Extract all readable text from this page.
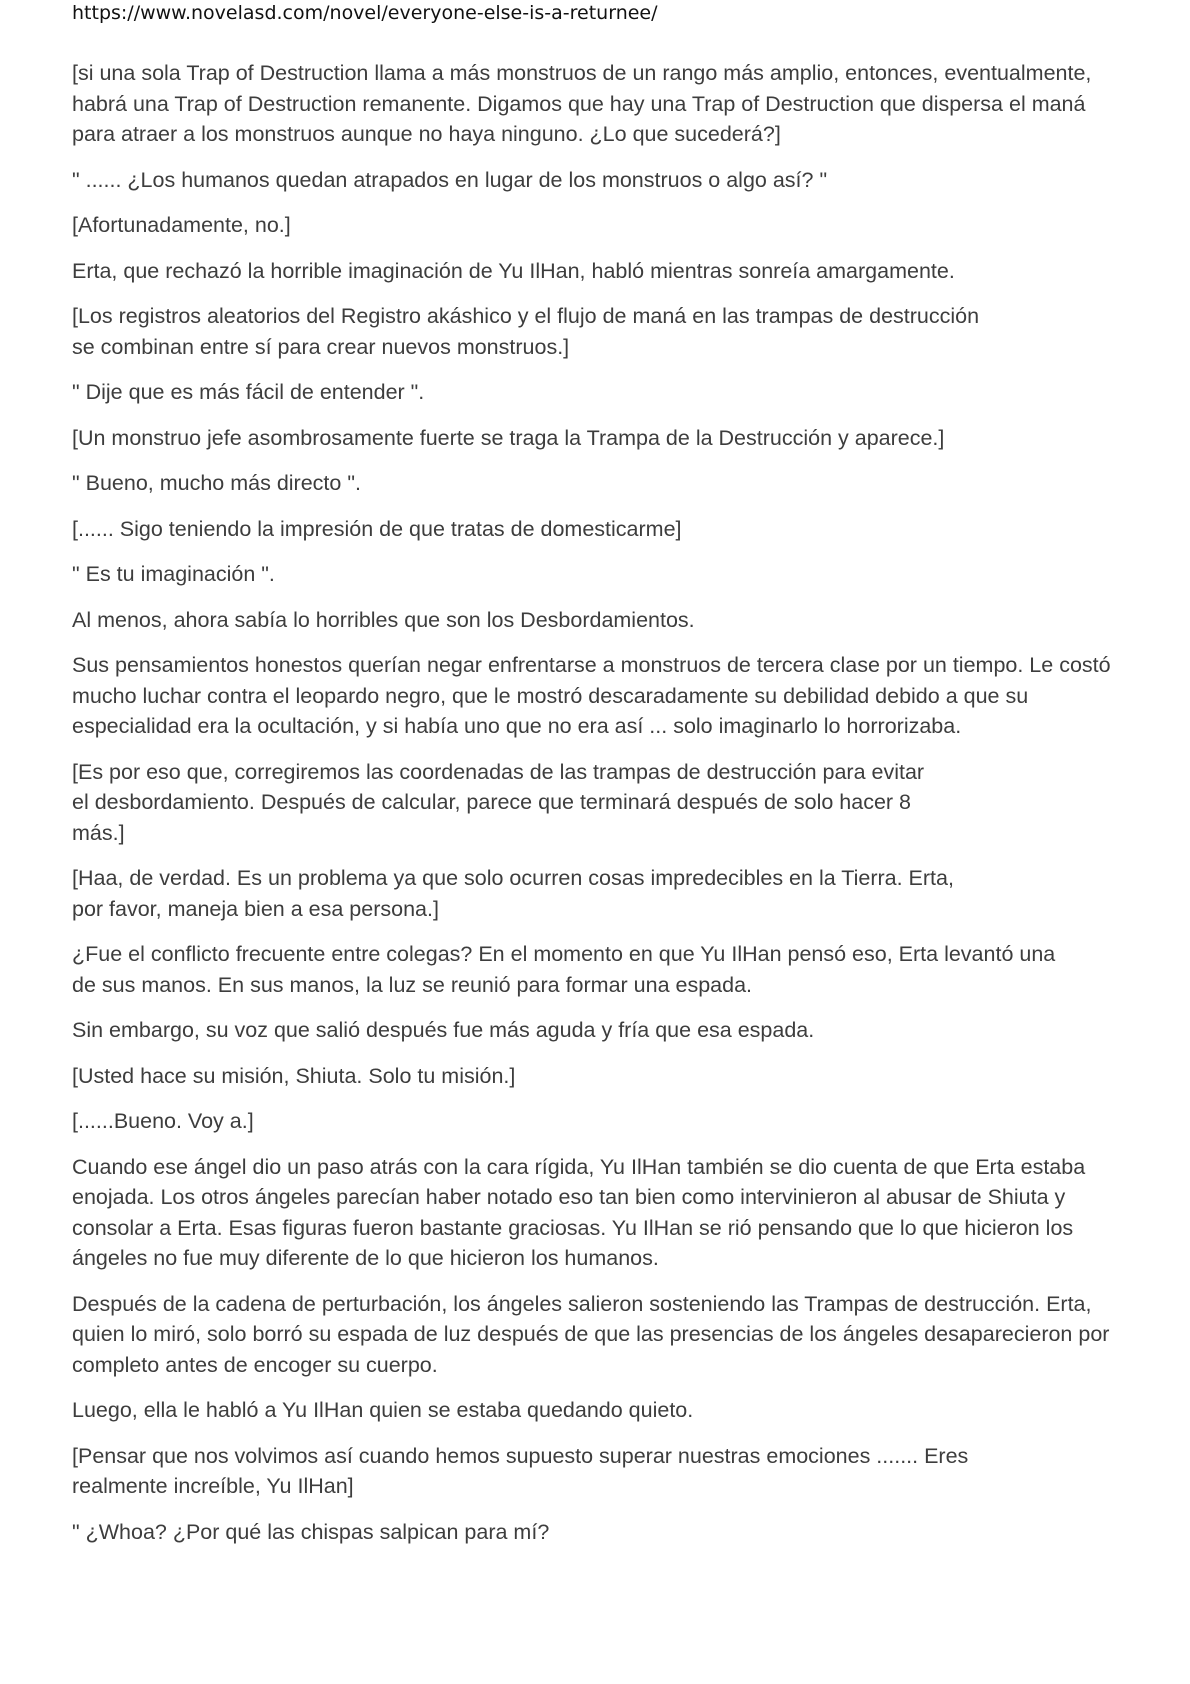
https://www.novelasd.com/novel/everyone-else-is-a-returnee/

[si una sola Trap of Destruction llama a más monstruos de un rango más amplio, entonces, eventualmente, habrá una Trap of Destruction remanente. Digamos que hay una Trap of Destruction que dispersa el maná para atraer a los monstruos aunque no haya ninguno. ¿Lo que sucederá?]

" ...... ¿Los humanos quedan atrapados en lugar de los monstruos o algo así? "

[Afortunadamente, no.]

Erta, que rechazó la horrible imaginación de Yu IlHan, habló mientras sonreía amargamente.

[Los registros aleatorios del Registro akáshico y el flujo de maná en las trampas de destrucción se combinan entre sí para crear nuevos monstruos.]

" Dije que es más fácil de entender ".

[Un monstruo jefe asombrosamente fuerte se traga la Trampa de la Destrucción y aparece.]

" Bueno, mucho más directo ".

[...... Sigo teniendo la impresión de que tratas de domesticarme]

" Es tu imaginación ".

Al menos, ahora sabía lo horribles que son los Desbordamientos.

Sus pensamientos honestos querían negar enfrentarse a monstruos de tercera clase por un tiempo. Le costó mucho luchar contra el leopardo negro, que le mostró descaradamente su debilidad debido a que su especialidad era la ocultación, y si había uno que no era así ... solo imaginarlo lo horrorizaba.

[Es por eso que, corregiremos las coordenadas de las trampas de destrucción para evitar el desbordamiento. Después de calcular, parece que terminará después de solo hacer 8 más.]

[Haa, de verdad. Es un problema ya que solo ocurren cosas impredecibles en la Tierra. Erta, por favor, maneja bien a esa persona.]

¿Fue el conflicto frecuente entre colegas? En el momento en que Yu IlHan pensó eso, Erta levantó una de sus manos. En sus manos, la luz se reunió para formar una espada.

Sin embargo, su voz que salió después fue más aguda y fría que esa espada.

[Usted hace su misión, Shiuta. Solo tu misión.]

[......Bueno. Voy a.]

Cuando ese ángel dio un paso atrás con la cara rígida, Yu IlHan también se dio cuenta de que Erta estaba enojada. Los otros ángeles parecían haber notado eso tan bien como intervinieron al abusar de Shiuta y consolar a Erta. Esas figuras fueron bastante graciosas. Yu IlHan se rió pensando que lo que hicieron los ángeles no fue muy diferente de lo que hicieron los humanos.

Después de la cadena de perturbación, los ángeles salieron sosteniendo las Trampas de destrucción. Erta, quien lo miró, solo borró su espada de luz después de que las presencias de los ángeles desaparecieron por completo antes de encoger su cuerpo.

Luego, ella le habló a Yu IlHan quien se estaba quedando quieto.

[Pensar que nos volvimos así cuando hemos supuesto superar nuestras emociones ....... Eres realmente increíble, Yu IlHan]

" ¿Whoa? ¿Por qué las chispas salpican para mí?
